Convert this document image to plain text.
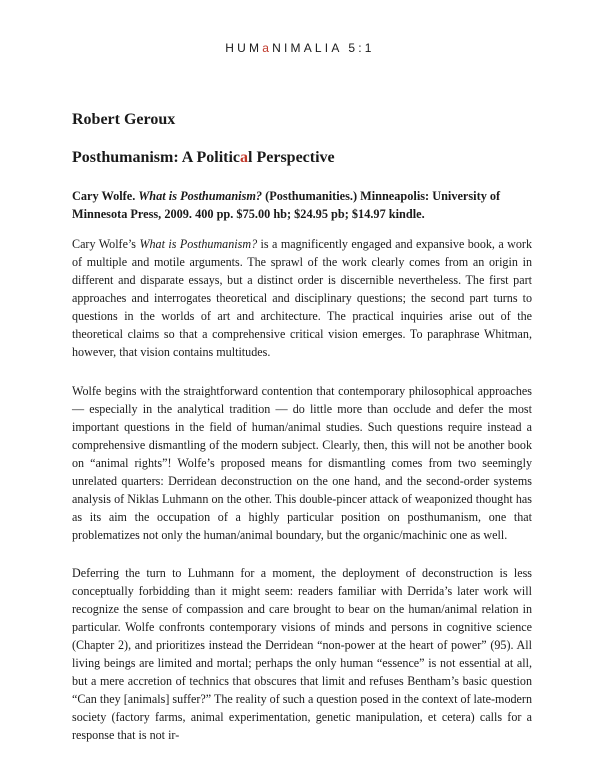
HUMaNIMALIA 5:1
Robert Geroux
Posthumanism: A Political Perspective
Cary Wolfe. What is Posthumanism? (Posthumanities.) Minneapolis: University of Minnesota Press, 2009. 400 pp. $75.00 hb; $24.95 pb; $14.97 kindle.

Cary Wolfe’s What is Posthumanism? is a magnificently engaged and expansive book, a work of multiple and motile arguments. The sprawl of the work clearly comes from an origin in different and disparate essays, but a distinct order is discernible nevertheless. The first part approaches and interrogates theoretical and disciplinary questions; the second part turns to questions in the worlds of art and architecture. The practical inquiries arise out of the theoretical claims so that a comprehensive critical vision emerges. To paraphrase Whitman, however, that vision contains multitudes.

Wolfe begins with the straightforward contention that contemporary philosophical approaches — especially in the analytical tradition — do little more than occlude and defer the most important questions in the field of human/animal studies. Such questions require instead a comprehensive dismantling of the modern subject. Clearly, then, this will not be another book on “animal rights”! Wolfe’s proposed means for dismantling comes from two seemingly unrelated quarters: Derridean deconstruction on the one hand, and the second-order systems analysis of Niklas Luhmann on the other. This double-pincer attack of weaponized thought has as its aim the occupation of a highly particular position on posthumanism, one that problematizes not only the human/animal boundary, but the organic/machinic one as well.

Deferring the turn to Luhmann for a moment, the deployment of deconstruction is less conceptually forbidding than it might seem: readers familiar with Derrida’s later work will recognize the sense of compassion and care brought to bear on the human/animal relation in particular. Wolfe confronts contemporary visions of minds and persons in cognitive science (Chapter 2), and prioritizes instead the Derridean “non-power at the heart of power” (95). All living beings are limited and mortal; perhaps the only human “essence” is not essential at all, but a mere accretion of technics that obscures that limit and refuses Bentham’s basic question “Can they [animals] suffer?” The reality of such a question posed in the context of late-modern society (factory farms, animal experimentation, genetic manipulation, et cetera) calls for a response that is not ir-
